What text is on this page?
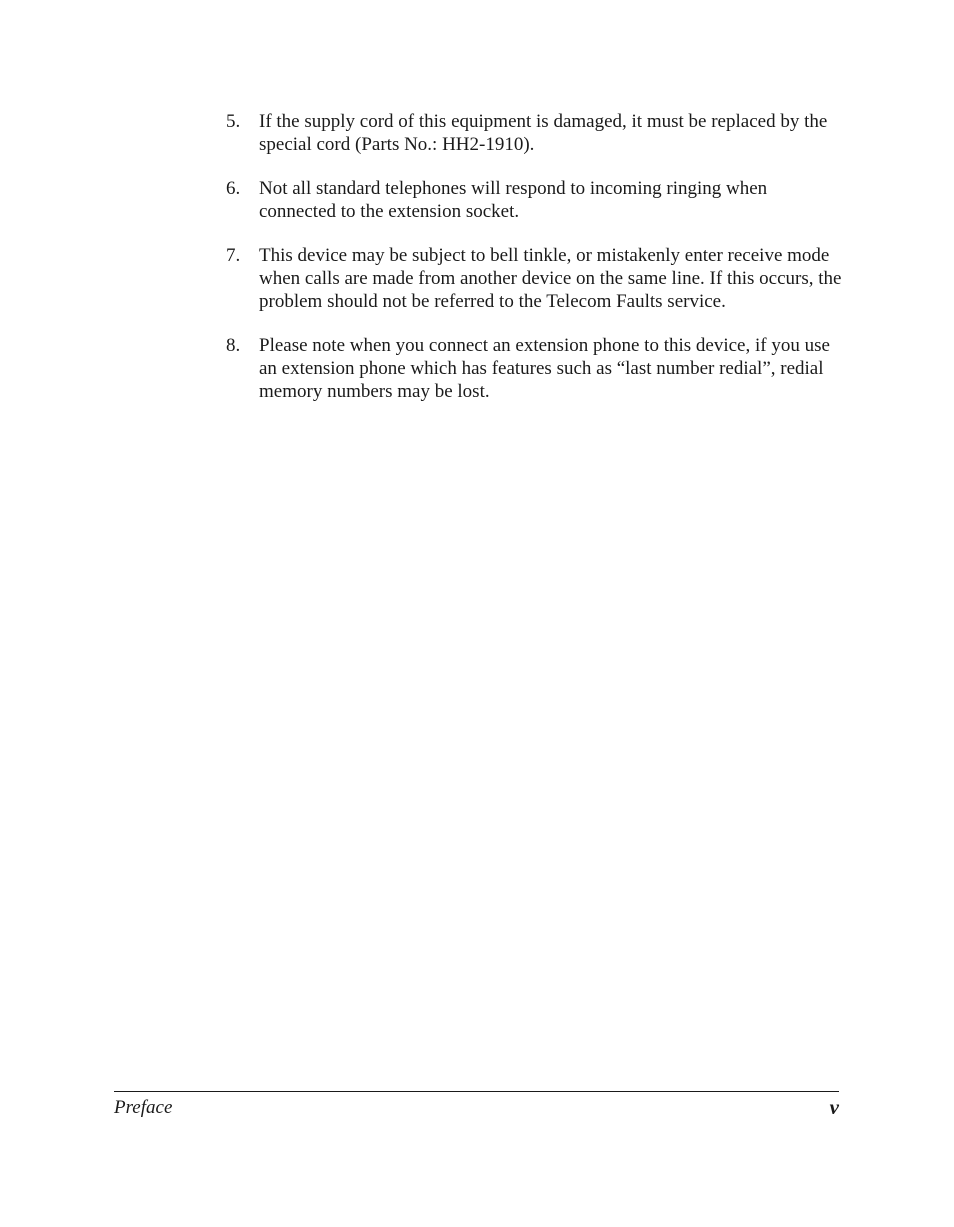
5. If the supply cord of this equipment is damaged, it must be replaced by the special cord (Parts No.: HH2-1910).
6. Not all standard telephones will respond to incoming ringing when connected to the extension socket.
7. This device may be subject to bell tinkle, or mistakenly enter receive mode when calls are made from another device on the same line. If this occurs, the problem should not be referred to the Telecom Faults service.
8. Please note when you connect an extension phone to this device, if you use an extension phone which has features such as “last number redial”, redial memory numbers may be lost.
Preface	v
